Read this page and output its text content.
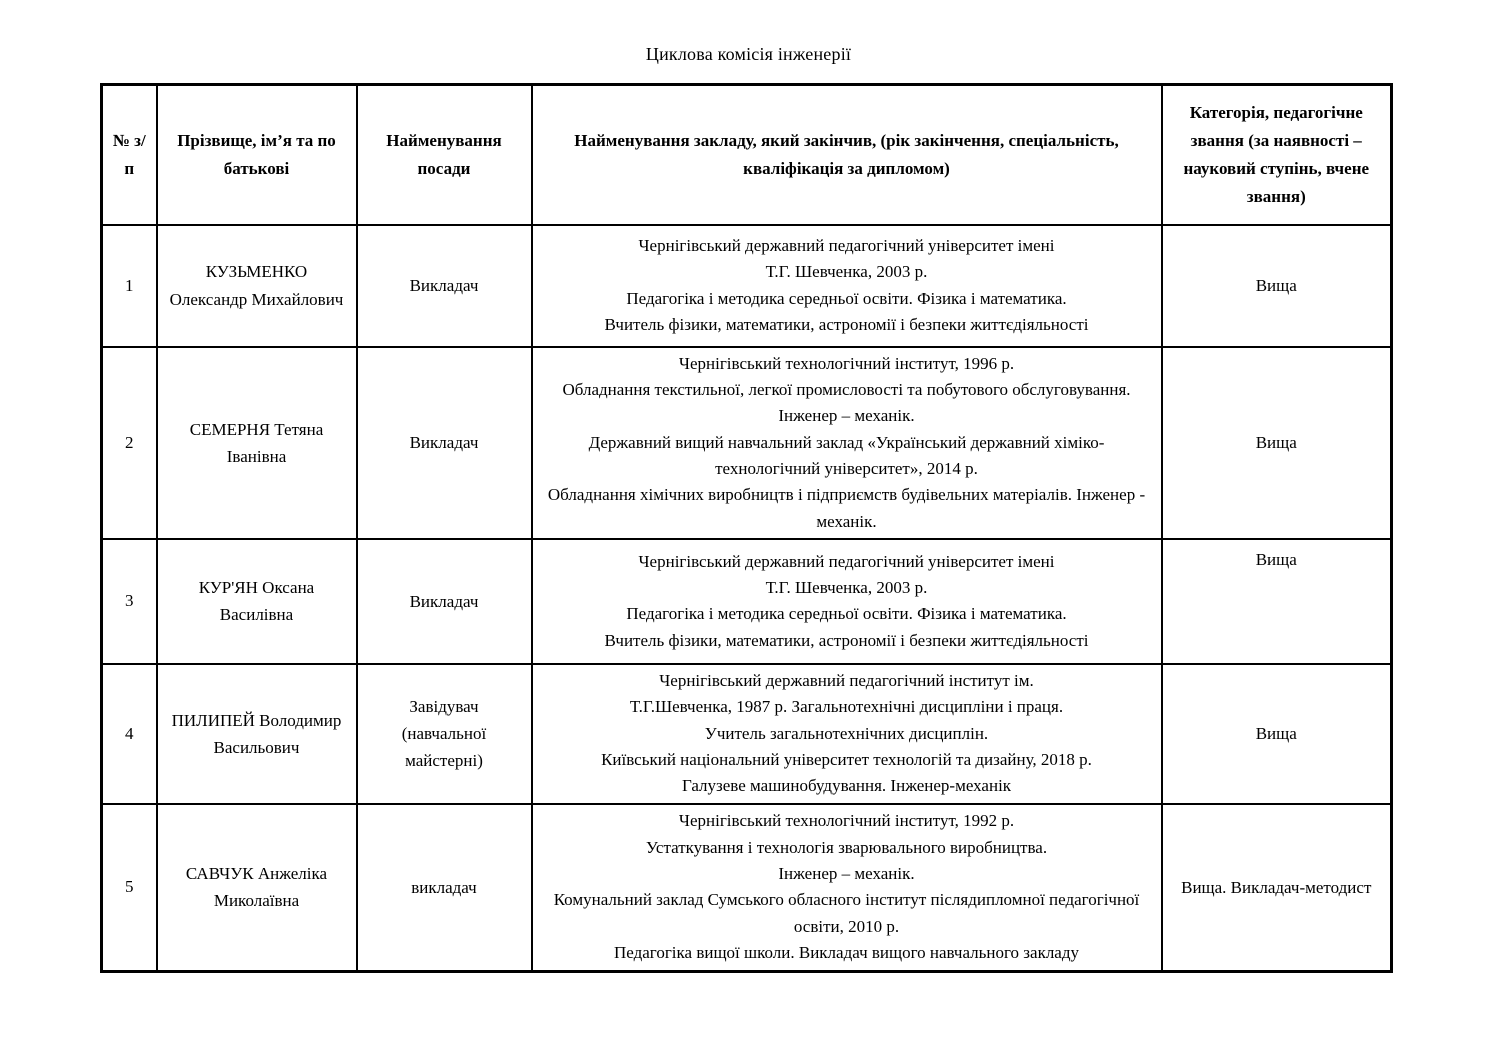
Циклова комісія інженерії
№ з/п	Прізвище, ім’я та по батькові	Найменування посади	Найменування закладу, який закінчив, (рік закінчення, спеціальність, кваліфікація за дипломом)	Категорія, педагогічне звання (за наявності – науковий ступінь, вчене звання)
1	КУЗЬМЕНКО Олександр Михайлович	Викладач	Чернігівський державний педагогічний університет імені

Т.Г. Шевченка, 2003 р.

Педагогіка і методика середньої освіти. Фізика і математика.

Вчитель фізики, математики, астрономії і безпеки життєдіяльності	Вища
2	СЕМЕРНЯ Тетяна Іванівна	Викладач	Чернігівський технологічний інститут, 1996 р.

Обладнання текстильної, легкої промисловості та побутового обслуговування. Інженер – механік.

Державний вищий навчальний заклад «Український державний хіміко-технологічний університет», 2014 р.

Обладнання хімічних виробництв і підприємств будівельних матеріалів. Інженер - механік.	Вища
3	КУР'ЯН Оксана Василівна	Викладач	Чернігівський державний педагогічний університет імені

Т.Г. Шевченка, 2003 р.

Педагогіка і методика середньої освіти. Фізика і математика.

Вчитель фізики, математики, астрономії і безпеки життєдіяльності	Вища
4	ПИЛИПЕЙ Володимир Васильович	Завідувач (навчальної майстерні)	Чернігівський державний педагогічний інститут ім.

Т.Г.Шевченка, 1987 р. Загальнотехнічні дисципліни і праця.

Учитель загальнотехнічних дисциплін.

Київський національний університет технологій та дизайну, 2018 р.

Галузеве машинобудування. Інженер-механік	Вища
5	САВЧУК Анжеліка Миколаївна	викладач	Чернігівський технологічний інститут, 1992 р.

Устаткування і технологія зварювального виробництва.

Інженер – механік.

Комунальний заклад Сумського обласного інститут післядипломної педагогічної освіти, 2010 р.

Педагогіка вищої школи. Викладач вищого навчального закладу	Вища. Викладач-методист
